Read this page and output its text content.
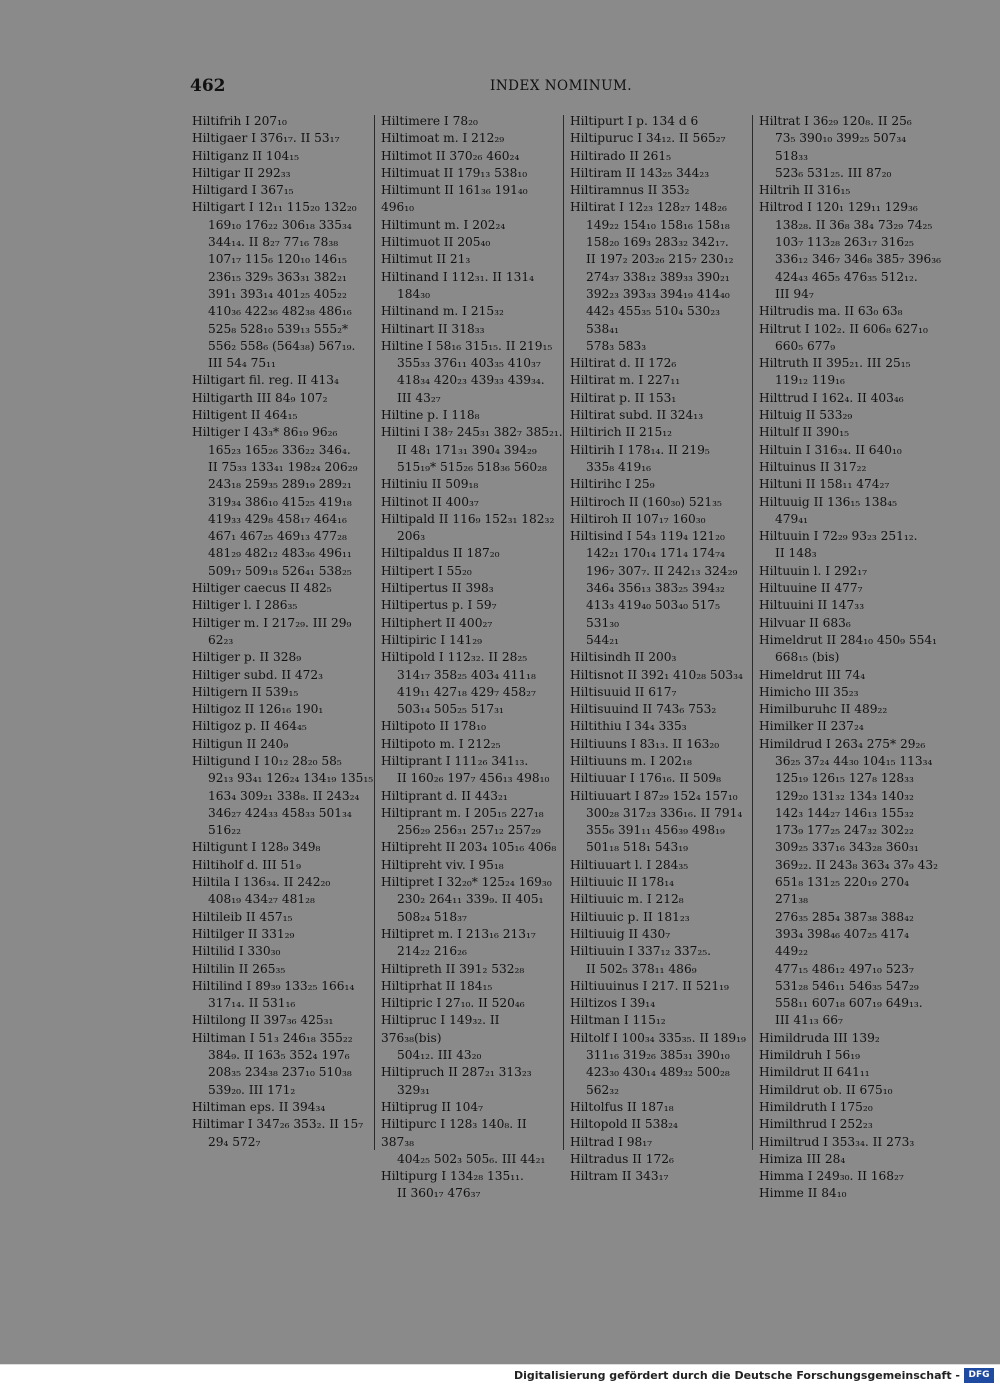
462	INDEX NOMINUM.
Hiltifrih I 207₁₀
Hiltigaer I 376₁₇. II 53₁₇
Hiltiganz II 104₁₅
Hiltigar II 292₃₃
Hiltigard I 367₁₅
Hiltigart I 12₁₁ 115₂₀ 132₂₀
169₁₀ 176₂₂ 306₁₈ 335₃₄
344₁₄. II 8₂₇ 77₁₆ 78₃₈
107₁₇ 115₆ 120₁₀ 146₁₅
236₁₅ 329₅ 363₃₁ 382₂₁
391₁ 393₁₄ 401₂₅ 405₂₂
410₃₆ 422₃₆ 482₃₈ 486₁₆
525₈ 528₁₀ 539₁₃ 555₂*
556₂ 558₆ (564₃₈) 567₁₉.
III 54₄ 75₁₁
Hiltigart fil. reg. II 413₄
Hiltigarth III 84₉ 107₂
Hiltigent II 464₁₅
Hiltiger I 43₃* 86₁₉ 96₂₆
165₂₃ 165₂₆ 336₂₂ 346₄.
II 75₃₃ 133₄₁ 198₂₄ 206₂₉
243₁₈ 259₃₅ 289₁₉ 289₂₁
319₃₄ 386₁₀ 415₂₅ 419₁₈
419₃₃ 429₈ 458₁₇ 464₁₆
467₁ 467₂₅ 469₁₃ 477₂₈
481₂₉ 482₁₂ 483₃₆ 496₁₁
509₁₇ 509₁₈ 526₄₁ 538₂₅
Hiltiger caecus II 482₅
Hiltiger l. I 286₃₅
Hiltiger m. I 217₂₉. III 29₉
62₂₃
Hiltiger p. II 328₉
Hiltiger subd. II 472₃
Hiltigern II 539₁₅
Hiltigoz II 126₁₆ 190₁
Hiltigoz p. II 464₄₅
Hiltigun II 240₉
Hiltigund I 10₁₂ 28₂₀ 58₅
92₁₃ 93₄₁ 126₂₄ 134₁₉ 135₁₅
163₄ 309₂₁ 338₈. II 243₂₄
346₂₇ 424₃₃ 458₃₃ 501₃₄
516₂₂
Hiltigunt I 128₉ 349₈
Hiltiholf d. III 51₉
Hiltila I 136₃₄. II 242₂₀
408₁₉ 434₂₇ 481₂₈
Hiltileib II 457₁₅
Hiltilger II 331₂₉
Hiltilid I 330₃₀
Hiltilin II 265₃₅
Hiltilind I 89₃₉ 133₂₅ 166₁₄
317₁₄. II 531₁₆
Hiltilong II 397₃₆ 425₃₁
Hiltiman I 51₃ 246₁₈ 355₂₂
384₉. II 163₅ 352₄ 197₆
208₃₅ 234₃₈ 237₁₀ 510₃₈
539₂₀. III 171₂
Hiltiman eps. II 394₃₄
Hiltimar I 347₂₆ 353₂. II 15₇
29₄ 572₇
Hiltimere I 78₂₀
Hiltimoat m. I 212₂₉
Hiltimot II 370₂₆ 460₂₄
Hiltimuat II 179₁₃ 538₁₀
Hiltimunt II 161₃₆ 191₄₀ 496₁₀
Hiltimunt m. I 202₂₄
Hiltimuot II 205₄₀
Hiltimut II 21₃
Hiltinand I 112₃₁. II 131₄
184₃₀
Hiltinand m. I 215₃₂
Hiltinart II 318₃₃
Hiltine I 58₁₆ 315₁₅. II 219₁₅
355₃₃ 376₁₁ 403₃₅ 410₃₇
418₃₄ 420₂₃ 439₃₃ 439₃₄.
III 43₂₇
Hiltine p. I 118₈
Hiltini I 38₇ 245₃₁ 382₇ 385₂₁.
II 48₁ 171₃₁ 390₄ 394₂₉
515₁₉* 515₂₆ 518₃₆ 560₂₈
Hiltiniu II 509₁₈
Hiltinot II 400₃₇
Hiltipald II 116₉ 152₃₁ 182₃₂
206₃
Hiltipaldus II 187₂₀
Hiltipert I 55₂₀
Hiltipertus II 398₃
Hiltipertus p. I 59₇
Hiltiphert II 400₂₇
Hiltipiric I 141₂₉
Hiltipold I 112₃₂. II 28₂₅
314₁₇ 358₂₅ 403₄ 411₁₈
419₁₁ 427₁₈ 429₇ 458₂₇
503₁₄ 505₂₅ 517₃₁
Hiltipoto II 178₁₀
Hiltipoto m. I 212₂₅
Hiltiprant I 111₂₆ 341₁₃.
II 160₂₆ 197₇ 456₁₃ 498₁₀
Hiltiprant d. II 443₂₁
Hiltiprant m. I 205₁₅ 227₁₈
256₂₉ 256₃₁ 257₁₂ 257₂₉
Hiltipreht II 203₄ 105₁₆ 406₈
Hiltipreht viv. I 95₁₈
Hiltipret I 32₂₀* 125₂₄ 169₃₀
230₂ 264₁₁ 339₉. II 405₁
508₂₄ 518₃₇
Hiltipret m. I 213₁₆ 213₁₇
214₂₂ 216₂₆
Hiltipreth II 391₂ 532₂₈
Hiltiprhat II 184₁₅
Hiltipric I 27₁₀. II 520₄₆
Hiltipruc I 149₃₂. II 376₃₈(bis)
504₁₂. III 43₂₀
Hiltipruch II 287₂₁ 313₂₃
329₃₁
Hiltiprug II 104₇
Hiltipurc I 128₃ 140₈. II 387₃₈
404₂₅ 502₃ 505₆. III 44₂₁
Hiltipurg I 134₂₈ 135₁₁.
II 360₁₇ 476₃₇
Hiltipurt I p. 134 d 6
Hiltipuruc I 34₁₂. II 565₂₇
Hiltirado II 261₅
Hiltiram II 143₂₅ 344₂₃
Hiltiramnus II 353₂
Hiltirat I 12₂₃ 128₂₇ 148₂₆
149₂₂ 154₁₀ 158₁₆ 158₁₈
158₂₀ 169₃ 283₃₂ 342₁₇.
II 197₂ 203₂₆ 215₇ 230₁₂
274₃₇ 338₁₂ 389₃₃ 390₂₁
392₂₃ 393₃₃ 394₁₉ 414₄₀
442₃ 455₃₅ 510₄ 530₂₃ 538₄₁
578₃ 583₃
Hiltirat d. II 172₆
Hiltirat m. I 227₁₁
Hiltirat p. II 153₁
Hiltirat subd. II 324₁₃
Hiltirich II 215₁₂
Hiltirih I 178₁₄. II 219₅
335₈ 419₁₆
Hiltirihc I 25₉
Hiltiroch II (160₃₀) 521₃₅
Hiltiroh II 107₁₇ 160₃₀
Hiltisind I 54₃ 119₄ 121₂₀
142₂₁ 170₁₄ 171₄ 174₇₄
196₇ 307₇. II 242₁₃ 324₂₉
346₄ 356₁₃ 383₂₅ 394₃₂
413₃ 419₄₀ 503₄₀ 517₅ 531₃₀
544₂₁
Hiltisindh II 200₃
Hiltisnot II 392₁ 410₂₈ 503₃₄
Hiltisuuid II 617₇
Hiltisuuind II 743₆ 753₂
Hiltithiu I 34₄ 335₃
Hiltiuuns I 83₁₃. II 163₂₀
Hiltiuuns m. I 202₁₈
Hiltiuuar I 176₁₆. II 509₈
Hiltiuuart I 87₂₉ 152₄ 157₁₀
300₂₈ 317₂₃ 336₁₆. II 791₄
355₆ 391₁₁ 456₃₉ 498₁₉
501₁₈ 518₁ 543₁₉
Hiltiuuart l. I 284₃₅
Hiltiuuic II 178₁₄
Hiltiuuic m. I 212₈
Hiltiuuic p. II 181₂₃
Hiltiuuig II 430₇
Hiltiuuin I 337₁₂ 337₂₅.
II 502₅ 378₁₁ 486₉
Hiltiuuinus I 217. II 521₁₉
Hiltizos I 39₁₄
Hiltman I 115₁₂
Hiltolf I 100₃₄ 335₃₅. II 189₁₉
311₁₆ 319₂₆ 385₃₁ 390₁₀
423₃₀ 430₁₄ 489₃₂ 500₂₈
562₃₂
Hiltolfus II 187₁₈
Hiltopold II 538₂₄
Hiltrad I 98₁₇
Hiltradus II 172₆
Hiltram II 343₁₇
Hiltrat I 36₂₉ 120₈. II 25₆
73₅ 390₁₀ 399₂₅ 507₃₄ 518₃₃
523₆ 531₂₅. III 87₂₀
Hiltrih II 316₁₅
Hiltrod I 120₁ 129₁₁ 129₃₆
138₂₈. II 36₈ 38₄ 73₂₉ 74₂₅
103₇ 113₂₈ 263₁₇ 316₂₅
336₁₂ 346₇ 346₈ 385₇ 396₃₆
424₄₃ 465₅ 476₃₅ 512₁₂.
III 94₇
Hiltrudis ma. II 63₀ 63₈
Hiltrut I 102₂. II 606₈ 627₁₀
660₅ 677₉
Hiltruth II 395₂₁. III 25₁₅
119₁₂ 119₁₆
Hilttrud I 162₄. II 403₄₆
Hiltuig II 533₂₉
Hiltulf II 390₁₅
Hiltuin I 316₃₄. II 640₁₀
Hiltuinus II 317₂₂
Hiltuni II 158₁₁ 474₂₇
Hiltuuig II 136₁₅ 138₄₅
479₄₁
Hiltuuin I 72₂₉ 93₂₃ 251₁₂.
II 148₃
Hiltuuin l. I 292₁₇
Hiltuuine II 477₇
Hiltuuini II 147₃₃
Hilvuar II 683₆
Himeldrut II 284₁₀ 450₉ 554₁
668₁₅ (bis)
Himeldrut III 74₄
Himicho III 35₂₃
Himilburuhc II 489₂₂
Himilker II 237₂₄
Himildrud I 263₄ 275* 29₂₆
36₂₅ 37₂₄ 44₃₀ 104₁₅ 113₃₄
125₁₉ 126₁₅ 127₈ 128₃₃
129₂₀ 131₃₂ 134₃ 140₃₂
142₃ 144₂₇ 146₁₃ 155₃₂
173₉ 177₂₅ 247₃₂ 302₂₂
309₂₅ 337₁₆ 343₂₈ 360₃₁
369₂₂. II 243₈ 363₄ 37₉ 43₂
651₈ 131₂₅ 220₁₉ 270₄ 271₃₈
276₃₅ 285₄ 387₃₈ 388₄₂
393₄ 398₄₆ 407₂₅ 417₄ 449₂₂
477₁₅ 486₁₂ 497₁₀ 523₇
531₂₈ 546₁₁ 546₃₅ 547₂₉
558₁₁ 607₁₈ 607₁₉ 649₁₃.
III 41₁₃ 66₇
Himildruda III 139₂
Himildruh I 56₁₉
Himildrut II 641₁₁
Himildrut ob. II 675₁₀
Himildruth I 175₂₀
Himilthrud I 252₂₃
Himiltrud I 353₃₄. II 273₃
Himiza III 28₄
Himma I 249₃₀. II 168₂₇
Himme II 84₁₀
Digitalisierung gefördert durch die Deutsche Forschungsgemeinschaft - DFG
